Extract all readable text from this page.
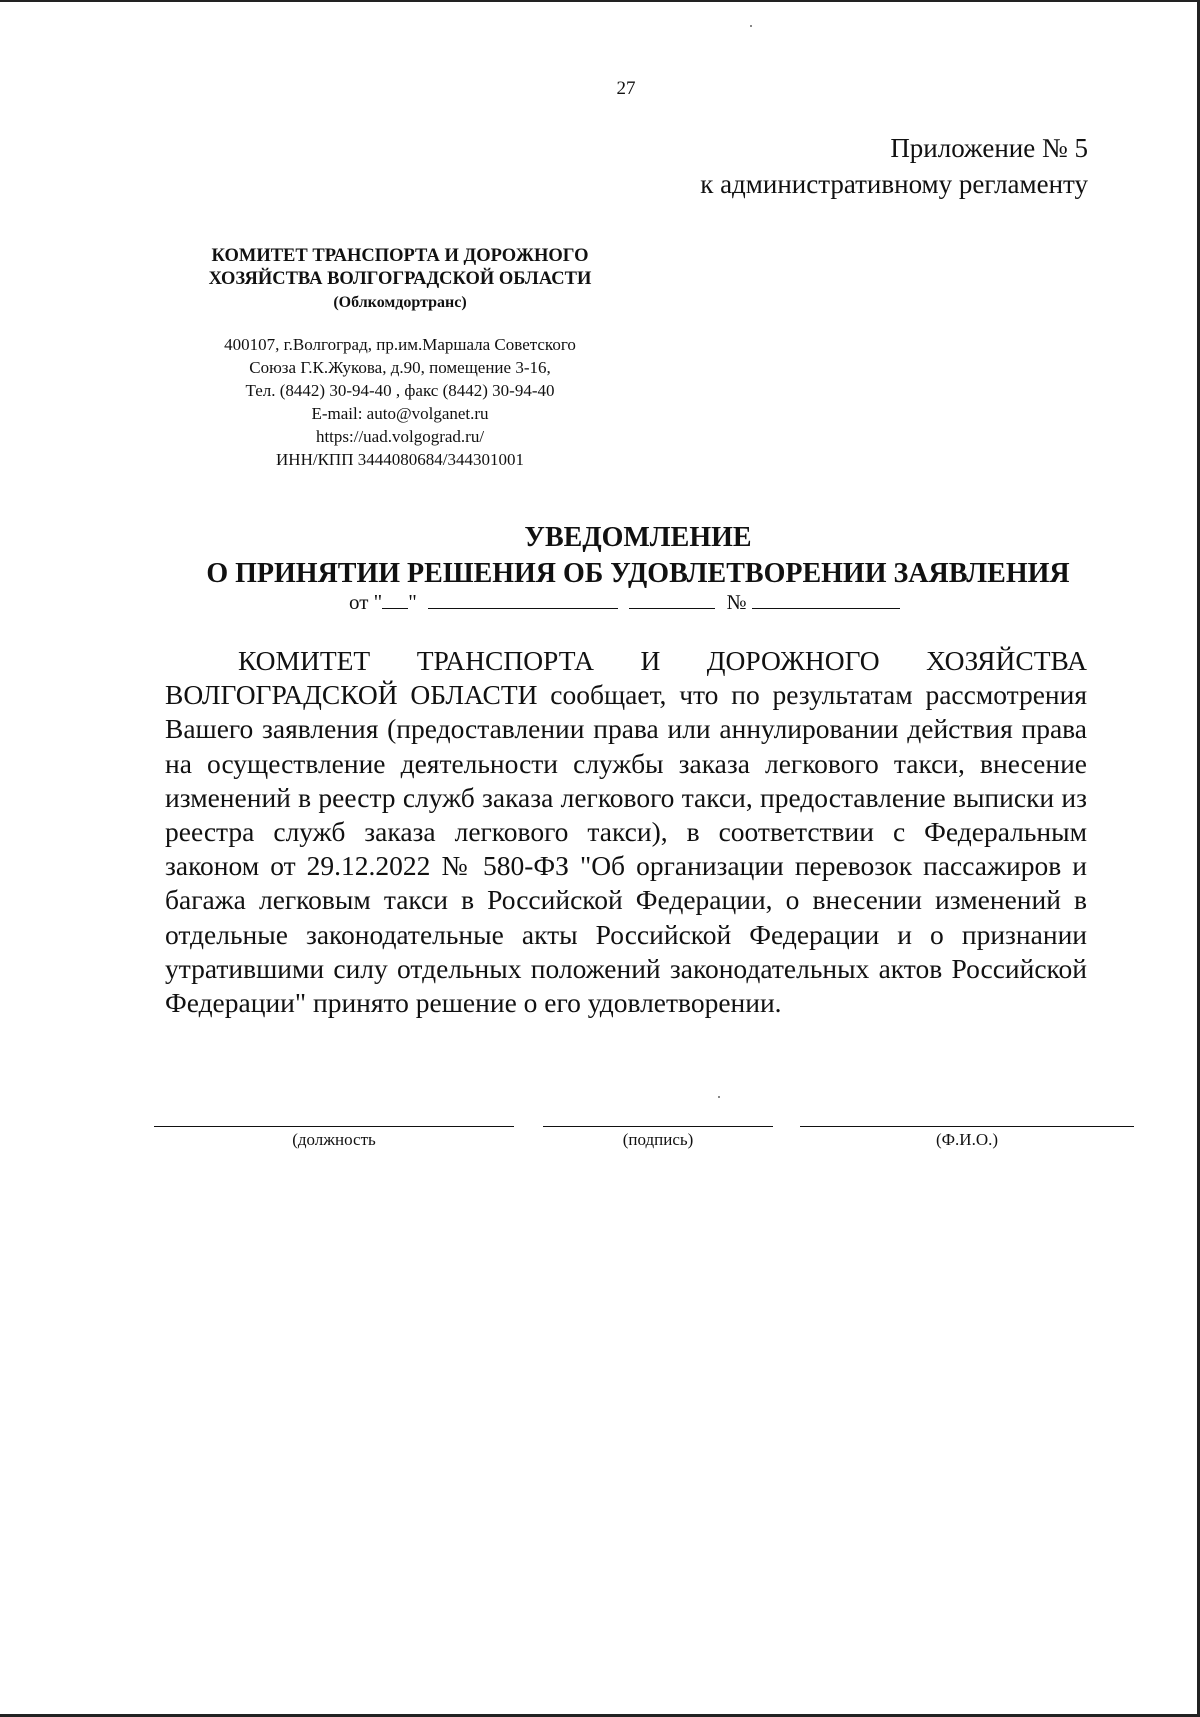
27
Приложение № 5
к административному регламенту
КОМИТЕТ ТРАНСПОРТА И ДОРОЖНОГО
ХОЗЯЙСТВА ВОЛГОГРАДСКОЙ ОБЛАСТИ
(Облкомдортранс)
400107, г.Волгоград, пр.им.Маршала Советского
Союза Г.К.Жукова, д.90, помещение 3-16,
Тел. (8442) 30-94-40 , факс (8442) 30-94-40
E-mail: auto@volganet.ru
https://uad.volgograd.ru/
ИНН/КПП 3444080684/344301001
УВЕДОМЛЕНИЕ
О ПРИНЯТИИ РЕШЕНИЯ ОБ УДОВЛЕТВОРЕНИИ ЗАЯВЛЕНИЯ
от " "	№
КОМИТЕТ ТРАНСПОРТА И ДОРОЖНОГО ХОЗЯЙСТВА ВОЛГОГРАДСКОЙ ОБЛАСТИ сообщает, что по результатам рассмотрения Вашего заявления (предоставлении права или аннулировании действия права на осуществление деятельности службы заказа легкового такси, внесение изменений в реестр служб заказа легкового такси, предоставление выписки из реестра служб заказа легкового такси), в соответствии с Федеральным законом от 29.12.2022 № 580-ФЗ "Об организации перевозок пассажиров и багажа легковым такси в Российской Федерации, о внесении изменений в отдельные законодательные акты Российской Федерации и о признании утратившими силу отдельных положений законодательных актов Российской Федерации" принято решение о его удовлетворении.
(должность	(подпись)	(Ф.И.О.)
